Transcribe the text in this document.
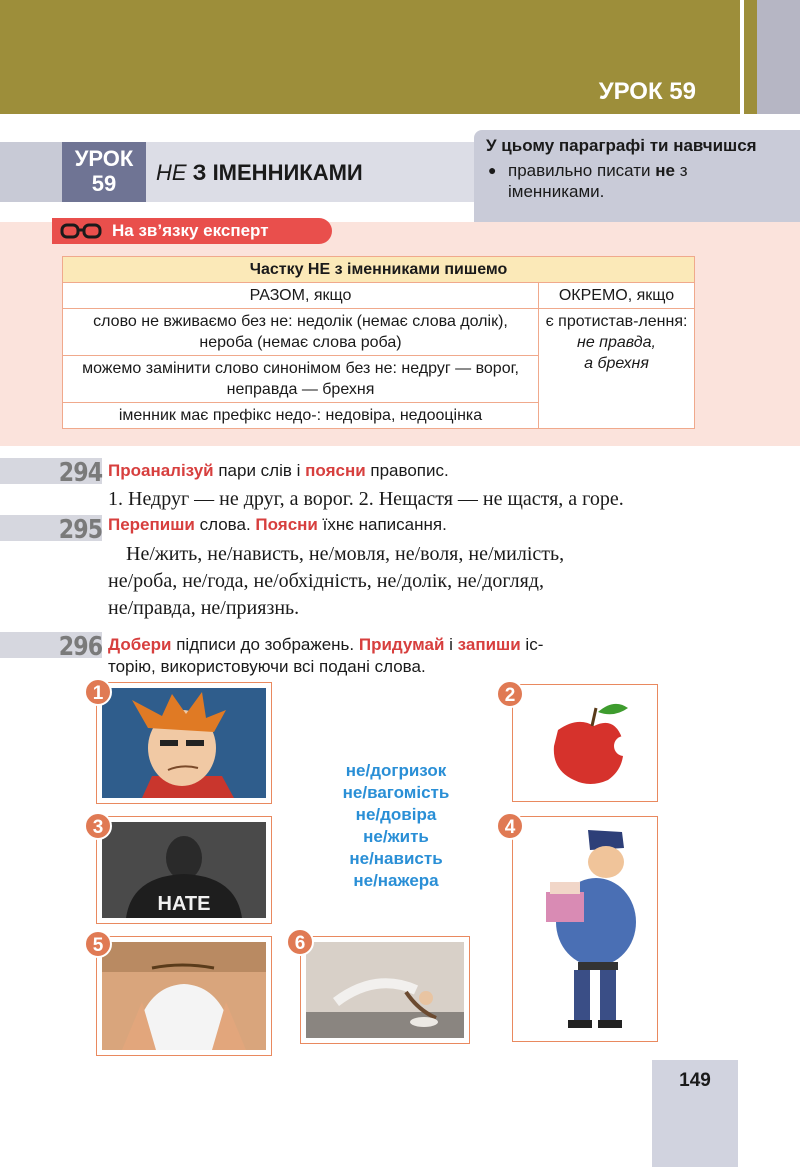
УРОК 59
УРОК
59	НЕ З ІМЕННИКАМИ
У цьому параграфі ти навчишся
● правильно писати не з іменниками.
На зв’язку експерт
Частку НЕ з іменниками пишемо	
РАЗОМ, якщо	ОКРЕМО, якщо
слово не вживаємо без не: недолік (немає слова долік), нероба (немає слова роба)	є протистав-лення:
не правда,
а брехня

можемо замінити слово синонімом без не: недруг — ворог, неправда — брехня	
іменник має префікс недо-: недовіра, недооцінка	
294 Проаналізуй пари слів і поясни правопис.
1. Недруг — не друг, а ворог. 2. Нещастя — не щастя, а горе.
295 Перепиши слова. Поясни їхнє написання.
Не/жить, не/нависть, не/мовля, не/воля, не/милість,
не/роба, не/года, не/обхідність, не/долік, не/догляд,
не/правда, не/приязнь.
296 Добери підписи до зображень. Придумай і запиши іс-
торію, використовуючи всі подані слова.
1	2
не/догризок
не/вагомість
не/довіра
не/жить
не/нависть
не/нажера
HATE
3	4
5	6
149
